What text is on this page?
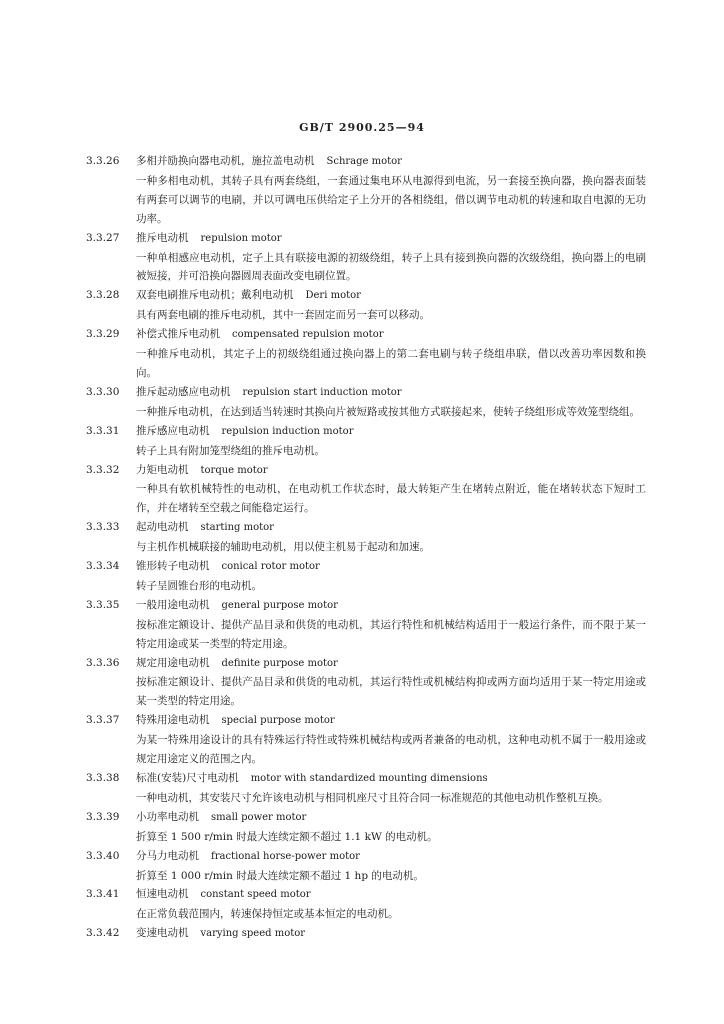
GB/T 2900.25—94
3.3.26	多相并励换向器电动机，施拉盖电动机 Schrage motor
一种多相电动机，其转子具有两套绕组，一套通过集电环从电源得到电流，另一套接至换向器，换向器表面装有两套可以调节的电刷，并以可调电压供给定子上分开的各相绕组，借以调节电动机的转速和取自电源的无功功率。
3.3.27	推斥电动机 repulsion motor
一种单相感应电动机，定子上具有联接电源的初级绕组，转子上具有接到换向器的次级绕组，换向器上的电刷被短接，并可沿换向器圆周表面改变电刷位置。
3.3.28	双套电刷推斥电动机；戴利电动机 Deri motor
具有两套电刷的推斥电动机，其中一套固定而另一套可以移动。
3.3.29	补偿式推斥电动机 compensated repulsion motor
一种推斥电动机，其定子上的初级绕组通过换向器上的第二套电刷与转子绕组串联，借以改善功率因数和换向。
3.3.30	推斥起动感应电动机 repulsion start induction motor
一种推斥电动机，在达到适当转速时其换向片被短路或按其他方式联接起来，使转子绕组形成等效笼型绕组。
3.3.31	推斥感应电动机 repulsion induction motor
转子上具有附加笼型绕组的推斥电动机。
3.3.32	力矩电动机 torque motor
一种具有软机械特性的电动机，在电动机工作状态时，最大转矩产生在堵转点附近，能在堵转状态下短时工作，并在堵转至空载之间能稳定运行。
3.3.33	起动电动机 starting motor
与主机作机械联接的辅助电动机，用以使主机易于起动和加速。
3.3.34	锥形转子电动机 conical rotor motor
转子呈圆锥台形的电动机。
3.3.35	一般用途电动机 general purpose motor
按标准定额设计、提供产品目录和供货的电动机，其运行特性和机械结构适用于一般运行条件，而不限于某一特定用途或某一类型的特定用途。
3.3.36	规定用途电动机 definite purpose motor
按标准定额设计、提供产品目录和供货的电动机，其运行特性或机械结构抑或两方面均适用于某一特定用途或某一类型的特定用途。
3.3.37	特殊用途电动机 special purpose motor
为某一特殊用途设计的具有特殊运行特性或特殊机械结构或两者兼备的电动机，这种电动机不属于一般用途或规定用途定义的范围之内。
3.3.38	标准(安装)尺寸电动机 motor with standardized mounting dimensions
一种电动机，其安装尺寸允许该电动机与相同机座尺寸且符合同一标准规范的其他电动机作整机互换。
3.3.39	小功率电动机 small power motor
折算至 1 500 r/min 时最大连续定额不超过 1.1 kW 的电动机。
3.3.40	分马力电动机 fractional horse-power motor
折算至 1 000 r/min 时最大连续定额不超过 1 hp 的电动机。
3.3.41	恒速电动机 constant speed motor
在正常负载范围内，转速保持恒定或基本恒定的电动机。
3.3.42	变速电动机 varying speed motor
